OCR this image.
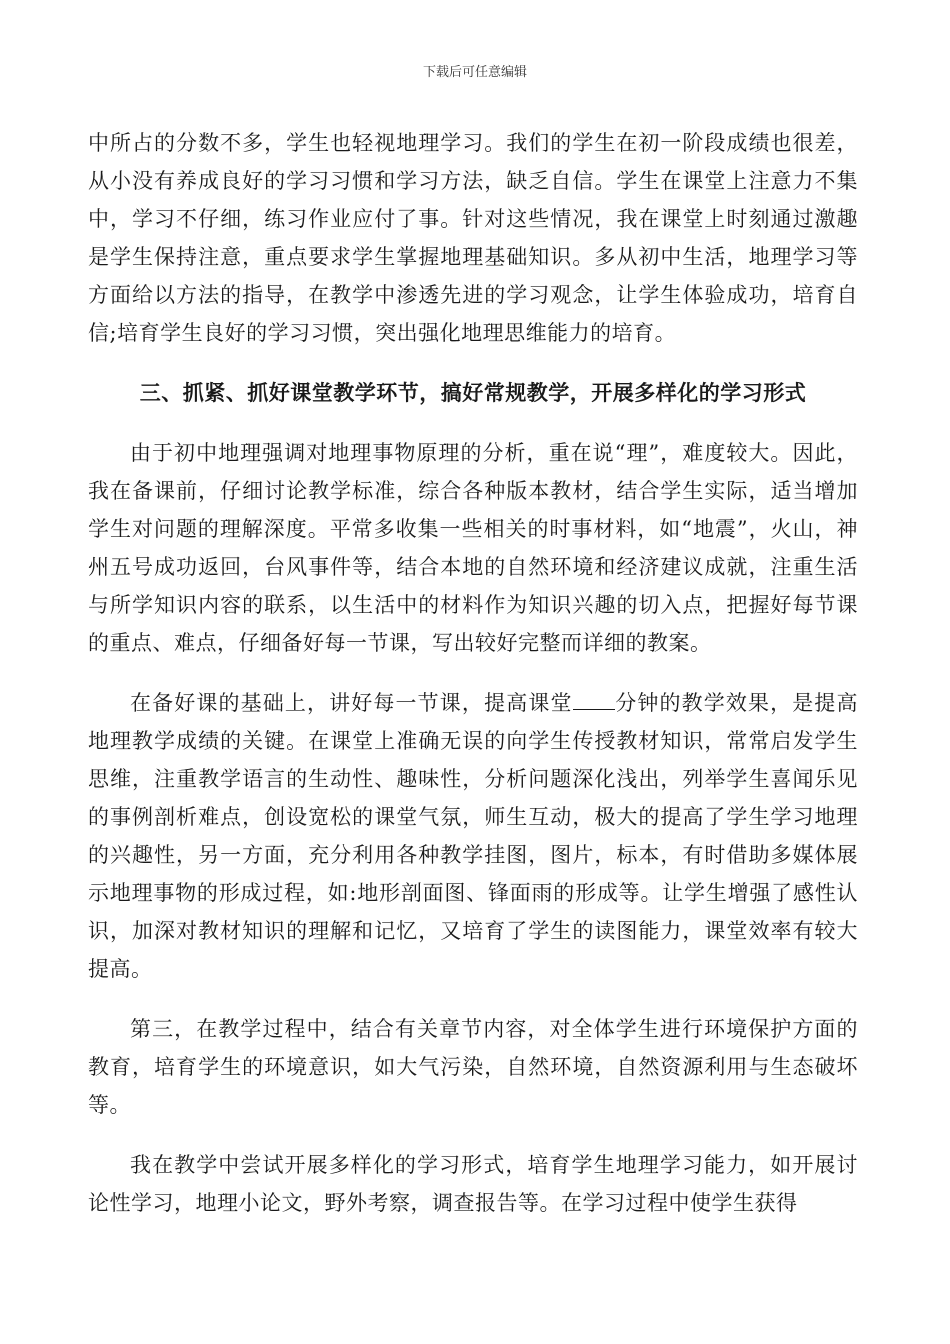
下载后可任意编辑

中所占的分数不多，学生也轻视地理学习。我们的学生在初一阶段成绩也很差，从小没有养成良好的学习习惯和学习方法，缺乏自信。学生在课堂上注意力不集中，学习不仔细，练习作业应付了事。针对这些情况，我在课堂上时刻通过激趣是学生保持注意，重点要求学生掌握地理基础知识。多从初中生活，地理学习等方面给以方法的指导，在教学中渗透先进的学习观念，让学生体验成功，培育自信;培育学生良好的学习习惯，突出强化地理思维能力的培育。

三、抓紧、抓好课堂教学环节，搞好常规教学，开展多样化的学习形式

由于初中地理强调对地理事物原理的分析，重在说“理”，难度较大。因此，我在备课前，仔细讨论教学标准，综合各种版本教材，结合学生实际，适当增加学生对问题的理解深度。平常多收集一些相关的时事材料，如“地震”，火山，神州五号成功返回，台风事件等，结合本地的自然环境和经济建议成就，注重生活与所学知识内容的联系，以生活中的材料作为知识兴趣的切入点，把握好每节课的重点、难点，仔细备好每一节课，写出较好完整而详细的教案。

在备好课的基础上，讲好每一节课，提高课堂 分钟的教学效果，是提高地理教学成绩的关键。在课堂上准确无误的向学生传授教材知识，常常启发学生思维，注重教学语言的生动性、趣味性，分析问题深化浅出，列举学生喜闻乐见的事例剖析难点，创设宽松的课堂气氛，师生互动，极大的提高了学生学习地理的兴趣性，另一方面，充分利用各种教学挂图，图片，标本，有时借助多媒体展示地理事物的形成过程，如:地形剖面图、锋面雨的形成等。让学生增强了感性认识，加深对教材知识的理解和记忆，又培育了学生的读图能力，课堂效率有较大提高。

第三，在教学过程中，结合有关章节内容，对全体学生进行环境保护方面的教育，培育学生的环境意识，如大气污染，自然环境，自然资源利用与生态破坏等。

我在教学中尝试开展多样化的学习形式，培育学生地理学习能力，如开展讨论性学习，地理小论文，野外考察，调查报告等。在学习过程中使学生获得
